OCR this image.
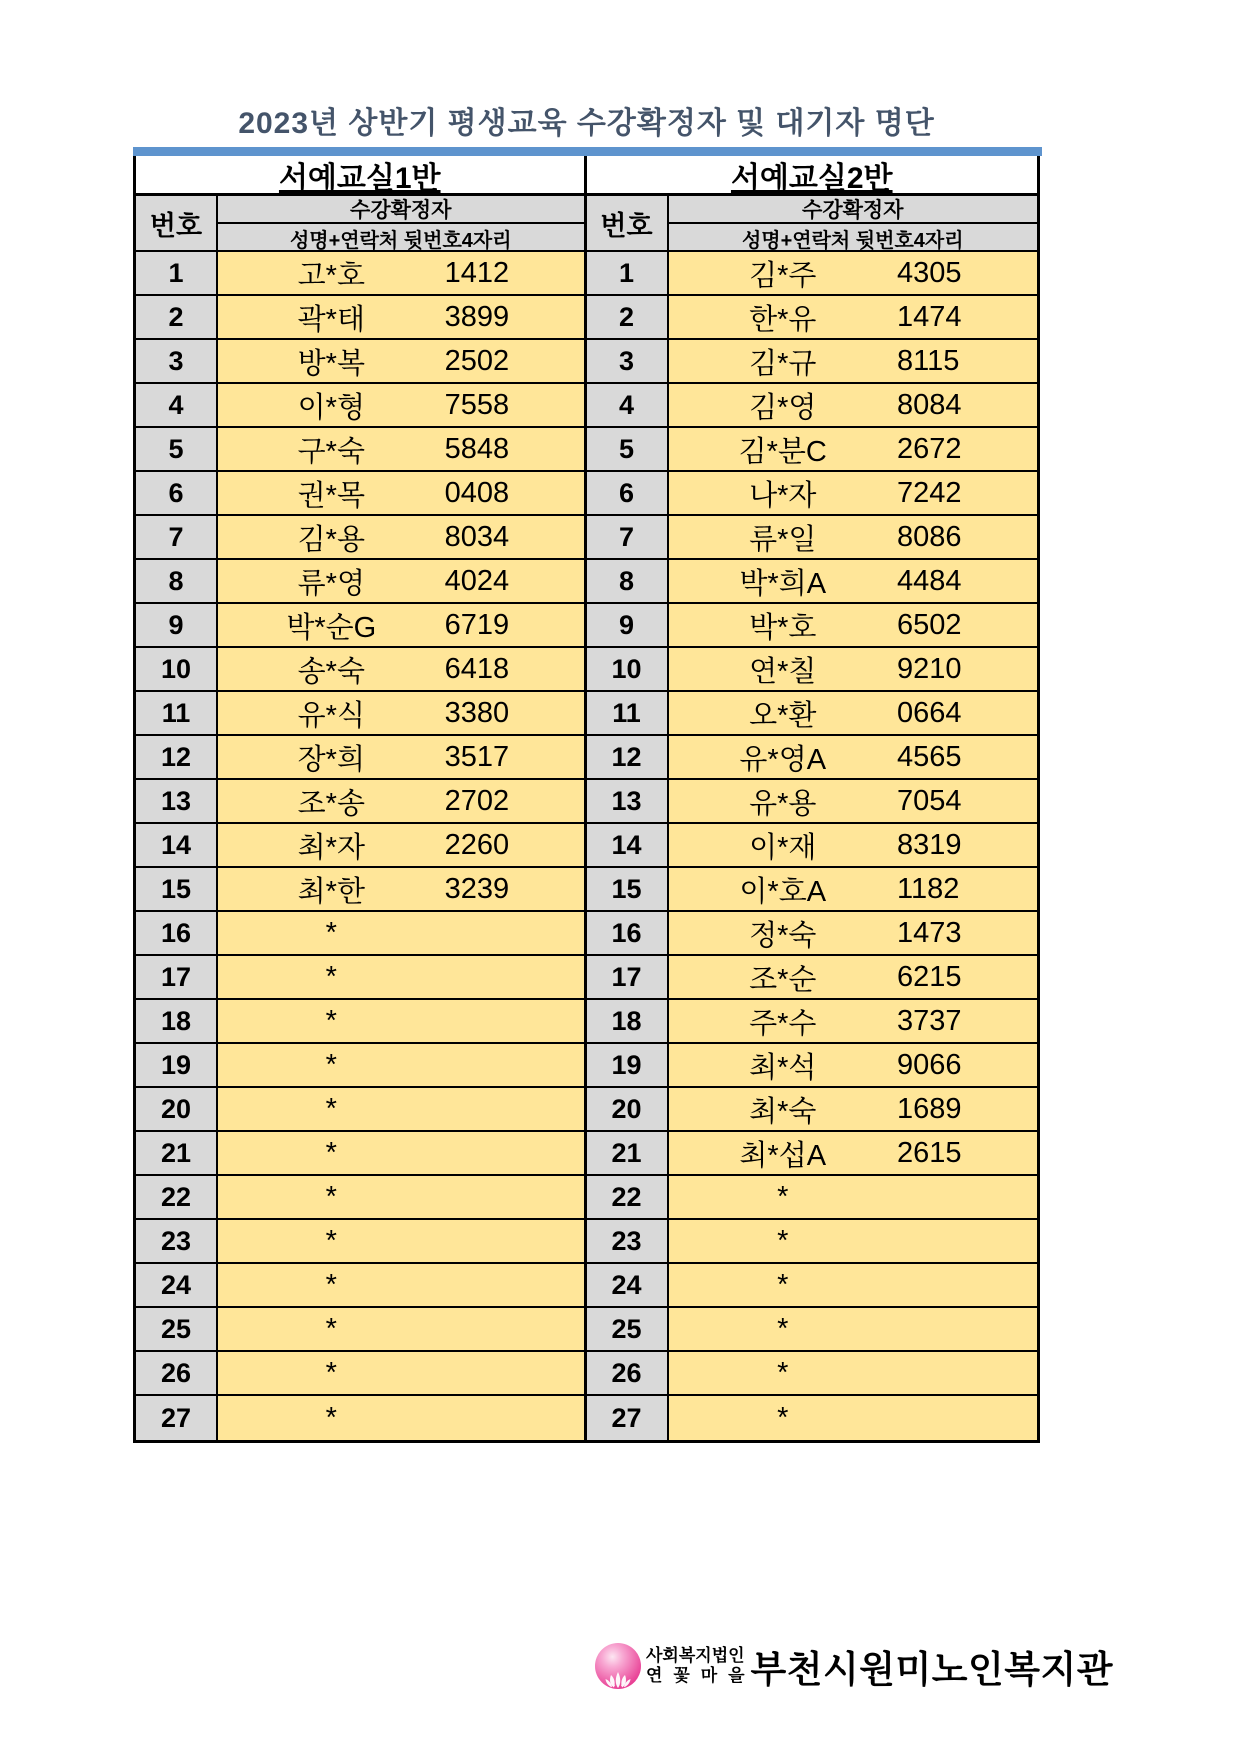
2023년 상반기 평생교육 수강확정자 및 대기자 명단
서예교실1반
번호	수강확정자
성명+연락처 뒷번호4자리
1	고*호	1412
2	곽*태	3899
3	방*복	2502
4	이*형	7558
5	구*숙	5848
6	권*목	0408
7	김*용	8034
8	류*영	4024
9	박*순G	6719
10	송*숙	6418
11	유*식	3380
12	장*희	3517
13	조*송	2702
14	최*자	2260
15	최*한	3239
16	*
17	*
18	*
19	*
20	*
21	*
22	*
23	*
24	*
25	*
26	*
27	*
서예교실2반
번호	수강확정자
성명+연락처 뒷번호4자리
1	김*주	4305
2	한*유	1474
3	김*규	8115
4	김*영	8084
5	김*분C	2672
6	나*자	7242
7	류*일	8086
8	박*희A	4484
9	박*호	6502
10	연*칠	9210
11	오*환	0664
12	유*영A	4565
13	유*용	7054
14	이*재	8319
15	이*호A	1182
16	정*숙	1473
17	조*순	6215
18	주*수	3737
19	최*석	9066
20	최*숙	1689
21	최*섭A	2615
22	*
23	*
24	*
25	*
26	*
27	*
사회복지법인
연 꽃 마 을 부천시원미노인복지관
